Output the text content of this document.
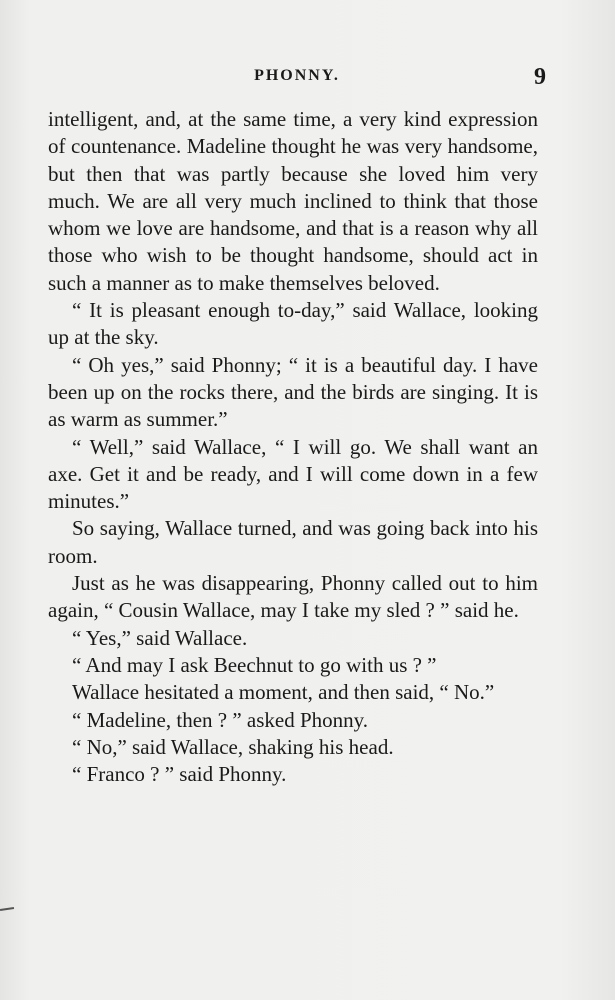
PHONNY.	9

intelligent, and, at the same time, a very kind expression of countenance. Madeline thought he was very handsome, but then that was partly because she loved him very much. We are all very much inclined to think that those whom we love are handsome, and that is a reason why all those who wish to be thought handsome, should act in such a manner as to make themselves beloved.

“ It is pleasant enough to-day,” said Wallace, looking up at the sky.

“ Oh yes,” said Phonny; “ it is a beautiful day. I have been up on the rocks there, and the birds are singing. It is as warm as summer.”

“ Well,” said Wallace, “ I will go. We shall want an axe. Get it and be ready, and I will come down in a few minutes.”

So saying, Wallace turned, and was going back into his room.

Just as he was disappearing, Phonny called out to him again, “ Cousin Wallace, may I take my sled ? ” said he.

“ Yes,” said Wallace.

“ And may I ask Beechnut to go with us ? ”

Wallace hesitated a moment, and then said, “ No.”

“ Madeline, then ? ” asked Phonny.

“ No,” said Wallace, shaking his head.

“ Franco ? ” said Phonny.
